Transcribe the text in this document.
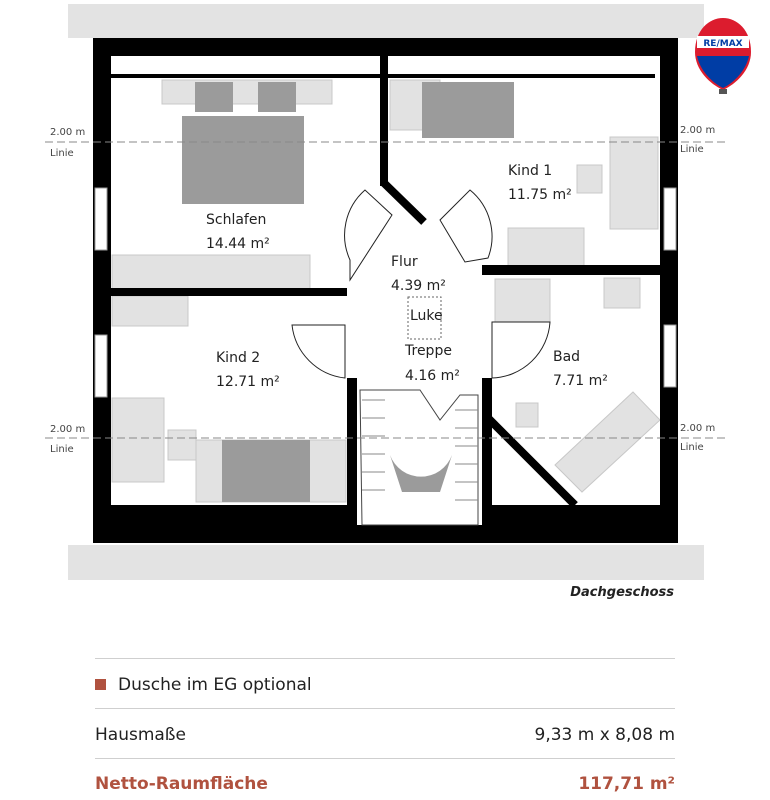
RE/MAX
2.00 m
Linie
2.00 m
Linie
2.00 m
Linie
2.00 m
Linie
Schlafen
14.44 m²
Kind 1
11.75 m²
Flur
4.39 m²
Luke
Treppe
4.16 m²
Kind 2
12.71 m²
Bad
7.71 m²
Dachgeschoss
Dusche im EG optional
Hausmaße	9,33 m x 8,08 m
Netto-Raumfläche	117,71 m²
